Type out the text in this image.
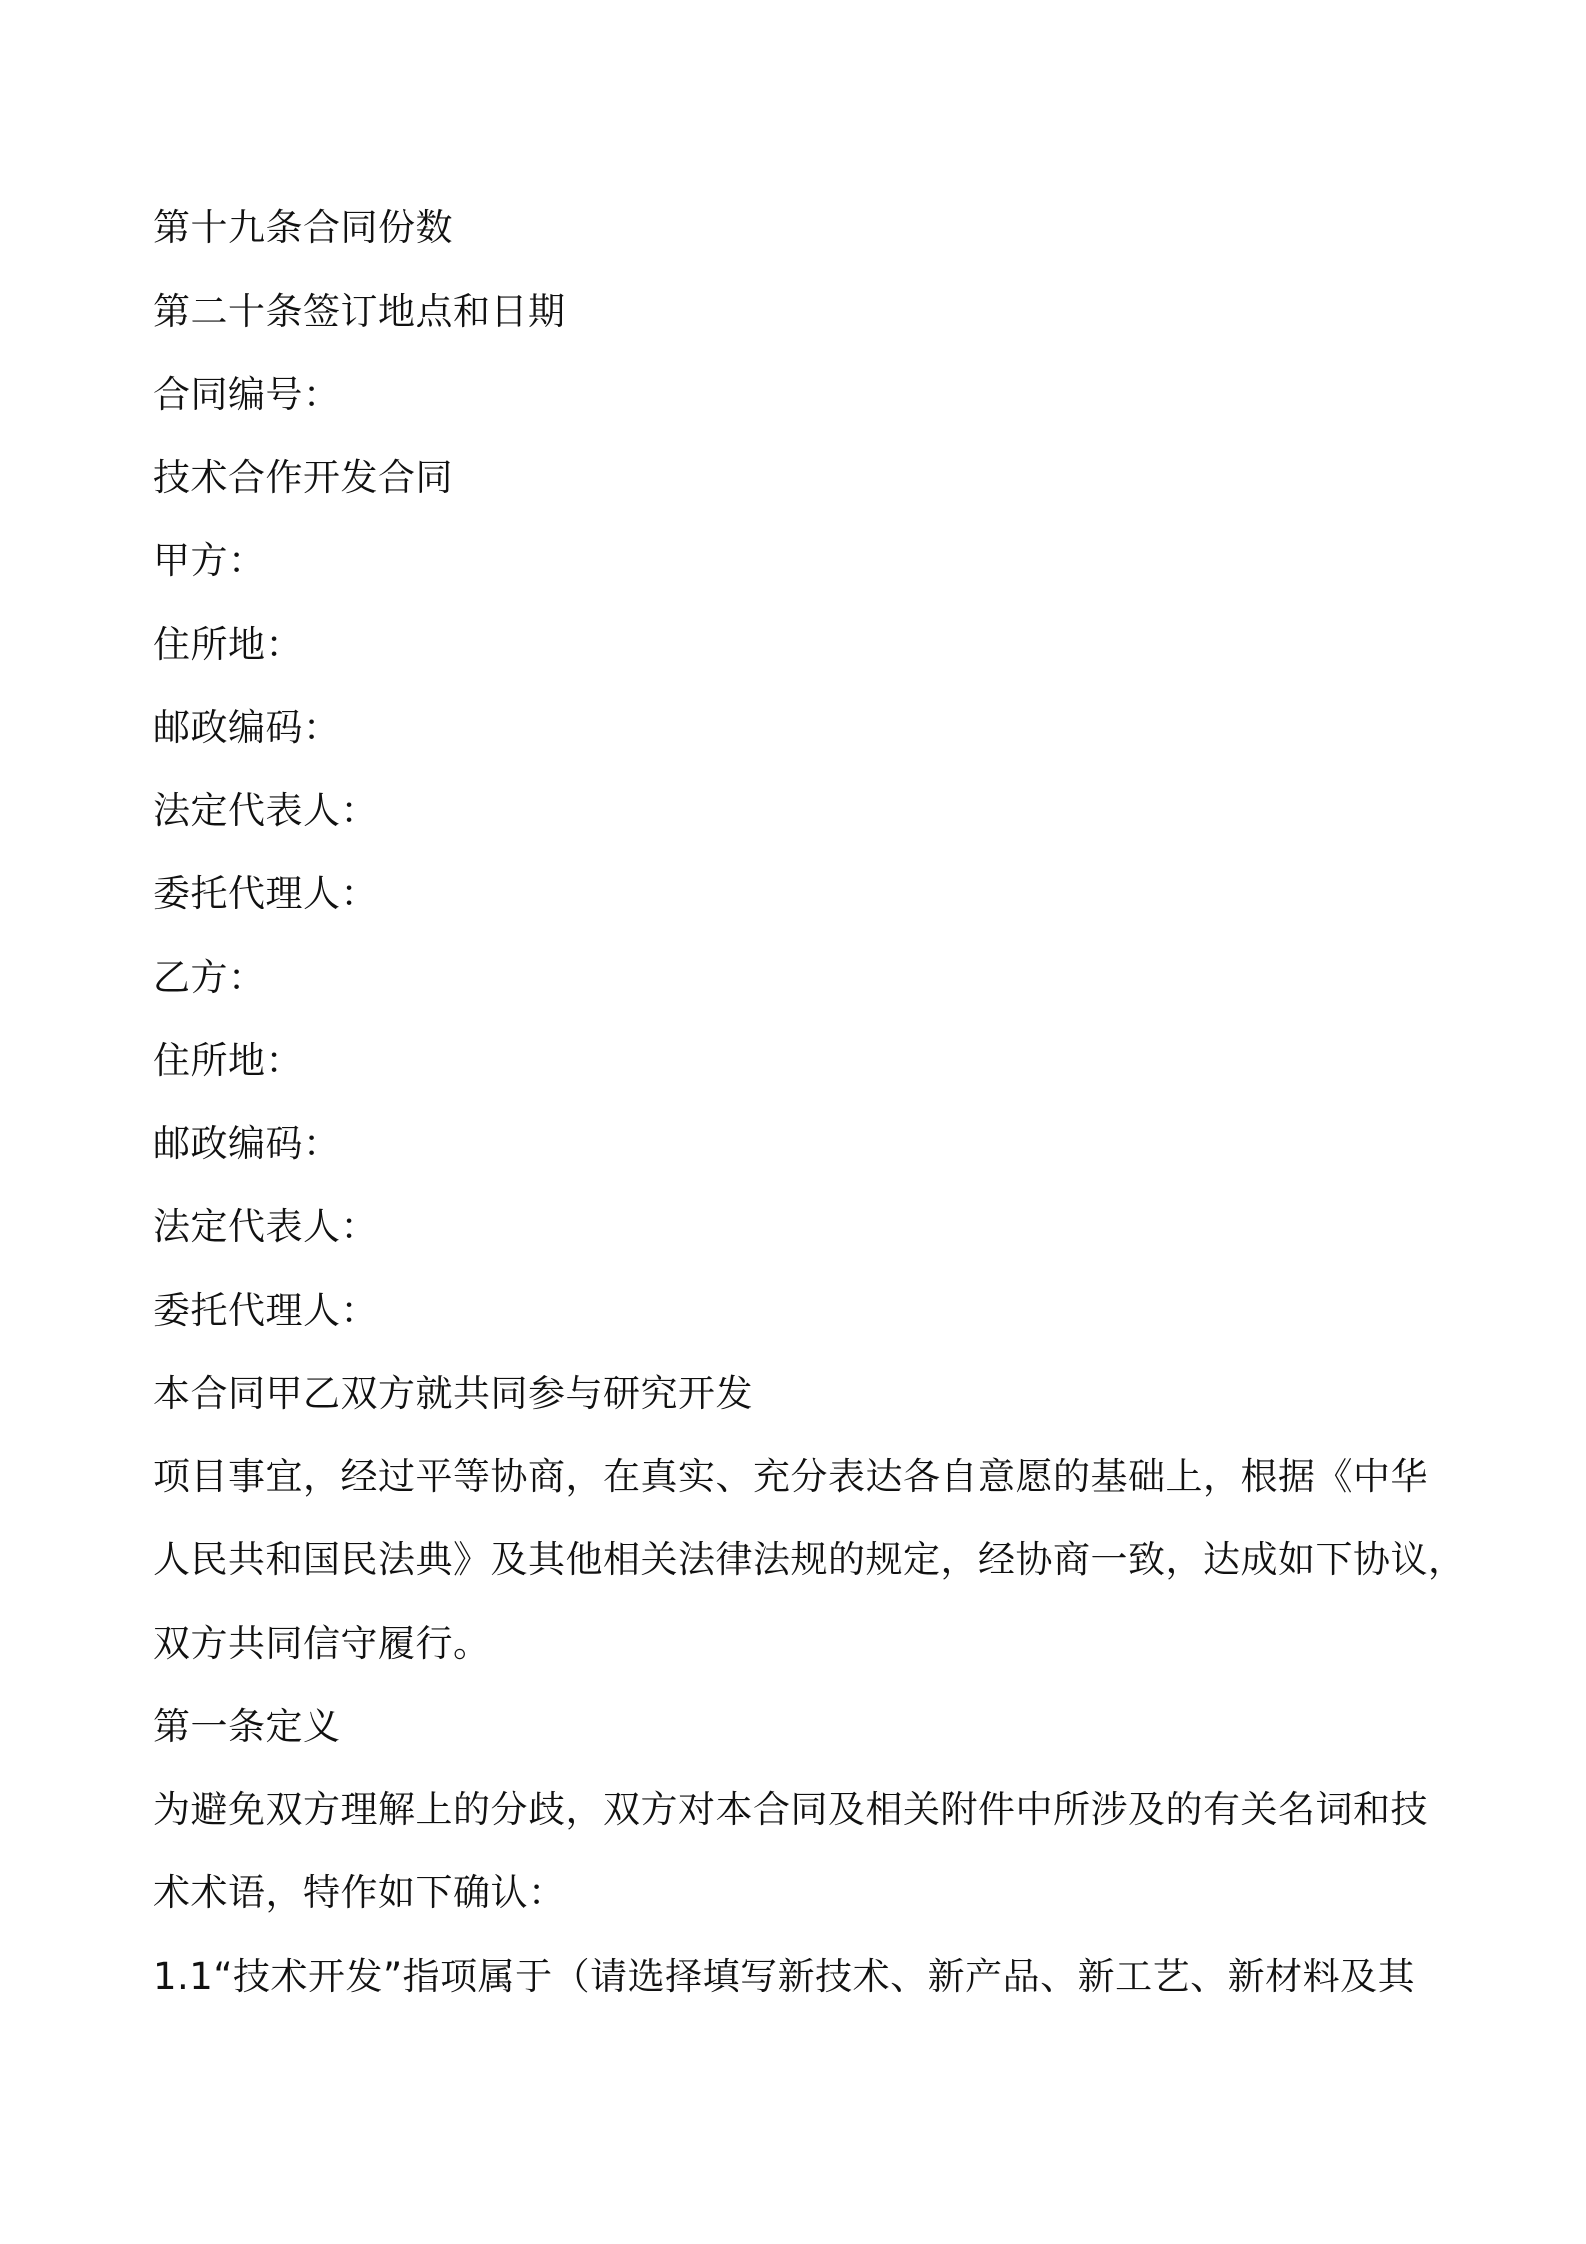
第十九条合同份数
第二十条签订地点和日期
合同编号：
技术合作开发合同
甲方：
住所地：
邮政编码：
法定代表人：
委托代理人：
乙方：
住所地：
邮政编码：
法定代表人：
委托代理人：
本合同甲乙双方就共同参与研究开发
项目事宜，经过平等协商，在真实、充分表达各自意愿的基础上，根据《中华
人民共和国民法典》及其他相关法律法规的规定，经协商一致，达成如下协议，
双方共同信守履行。
第一条定义
为避免双方理解上的分歧，双方对本合同及相关附件中所涉及的有关名词和技
术术语，特作如下确认：
1.1“技术开发”指项属于（请选择填写新技术、新产品、新工艺、新材料及其
